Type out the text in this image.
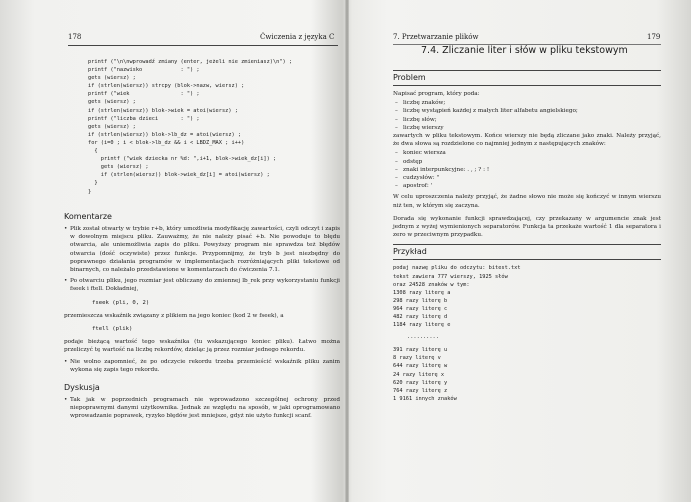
178	Ćwiczenia z języka C
printf ("\n\nwprowadź zmiany (enter, jeżeli nie zmieniasz)\n") ;
printf ("nazwisko            : ") ;
gets (wiersz) ;
if (strlen(wiersz)) strcpy (blok->nazw, wiersz) ;
printf ("wiek                : ") ;
gets (wiersz) ;
if (strlen(wiersz)) blok->wiek = atoi(wiersz) ;
printf ("liczba dzieci       : ") ;
gets (wiersz) ;
if (strlen(wiersz)) blok->lb_dz = atoi(wiersz) ;
for (i=0 ; i < blok->lb_dz && i < LBDZ_MAX ; i++)
{
printf ("wiek dziecka nr %d: ",i+1, blok->wiek_dz[i]) ;
gets (wiersz) ;
if (strlen(wiersz)) blok->wiek_dz[i] = atoi(wiersz) ;
}
}
Komentarze
• Plik został otwarty w trybie r+b, który umożliwia modyfikację zawartości, czyli odczyt i zapis w dowolnym miejscu pliku. Zauważmy, że nie należy pisać +b. Nie powoduje to błędu otwarcia, ale uniemożliwia zapis do pliku. Powyższy program nie sprawdza też błędów otwarcia (dość oczywiste) przez funkcje. Przypomnijmy, że tryb b jest niezbędny do poprawnego działania programów w implementacjach rozróżniających pliki tekstowe od binarnych, co należało przedstawione w komentarzach do ćwiczenia 7.1.
• Po otwarciu pliku, jego rozmiar jest obliczany do zmiennej lb_rek przy wykorzystaniu funkcji fseek i ftell. Dokładniej,
fseek (pli, 0, 2)

przemieszcza wskaźnik związany z plikiem na jego koniec (kod 2 w fseek), a

ftell (plik)

podaje bieżącą wartość tego wskaźnika (tu wskazującego koniec pliku). Łatwo można przeliczyć tę wartość na liczbę rekordów, dzieląc ją przez rozmiar jednego rekordu.

• Nie wolno zapomnieć, że po odczycie rekordu trzeba przemieścić wskaźnik pliku zanim wykona się zapis tego rekordu.
Dyskusja
• Tak jak w poprzednich programach nie wprowadzono szczególnej ochrony przed niepoprawnymi danymi użytkownika. Jednak ze względu na sposób, w jaki oprogramowano wprowadzanie poprawek, ryzyko błędów jest mniejsze, gdyż nie użyto funkcji scanf.
7. Przetwarzanie plików	179
7.4. Zliczanie liter i słów w pliku tekstowym
Problem

Napisać program, który poda:

– liczbę znaków;
– liczbę wystąpień każdej z małych liter alfabetu angielskiego;
– liczbę słów;
– liczbę wierszy

zawartych w pliku tekstowym. Końce wierszy nie będą zliczane jako znaki. Należy przyjąć, że dwa słowa są rozdzielone co najmniej jednym z następujących znaków:

– koniec wiersza
– odstęp
– znaki interpunkcyjne: . , ; ? : !
– cudzysłów: "
– apostrof: '

W celu uproszczenia należy przyjąć, że żadne słowo nie może się kończyć w innym wierszu niż ten, w którym się zaczyna.

Dorada się wykonanie funkcji sprawdzającej, czy przekazany w argumencie znak jest jednym z wyżej wymienionych separatorów. Funkcja ta przekaże wartość 1 dla separatora i zero w przeciwnym przypadku.

Przykład
podaj nazwę pliku do odczytu: bitest.txt
tekst zawiera 777 wierszy, 1925 słów
oraz 24528 znaków w tym:
1308 razy literę a
298 razy literę b
964 razy literę c
482 razy literę d
1184 razy literę e
..........
391 razy literę u
8 razy literę v
644 razy literę w
24 razy literę x
620 razy literę y
764 razy literę z
1 9161 innych znaków
